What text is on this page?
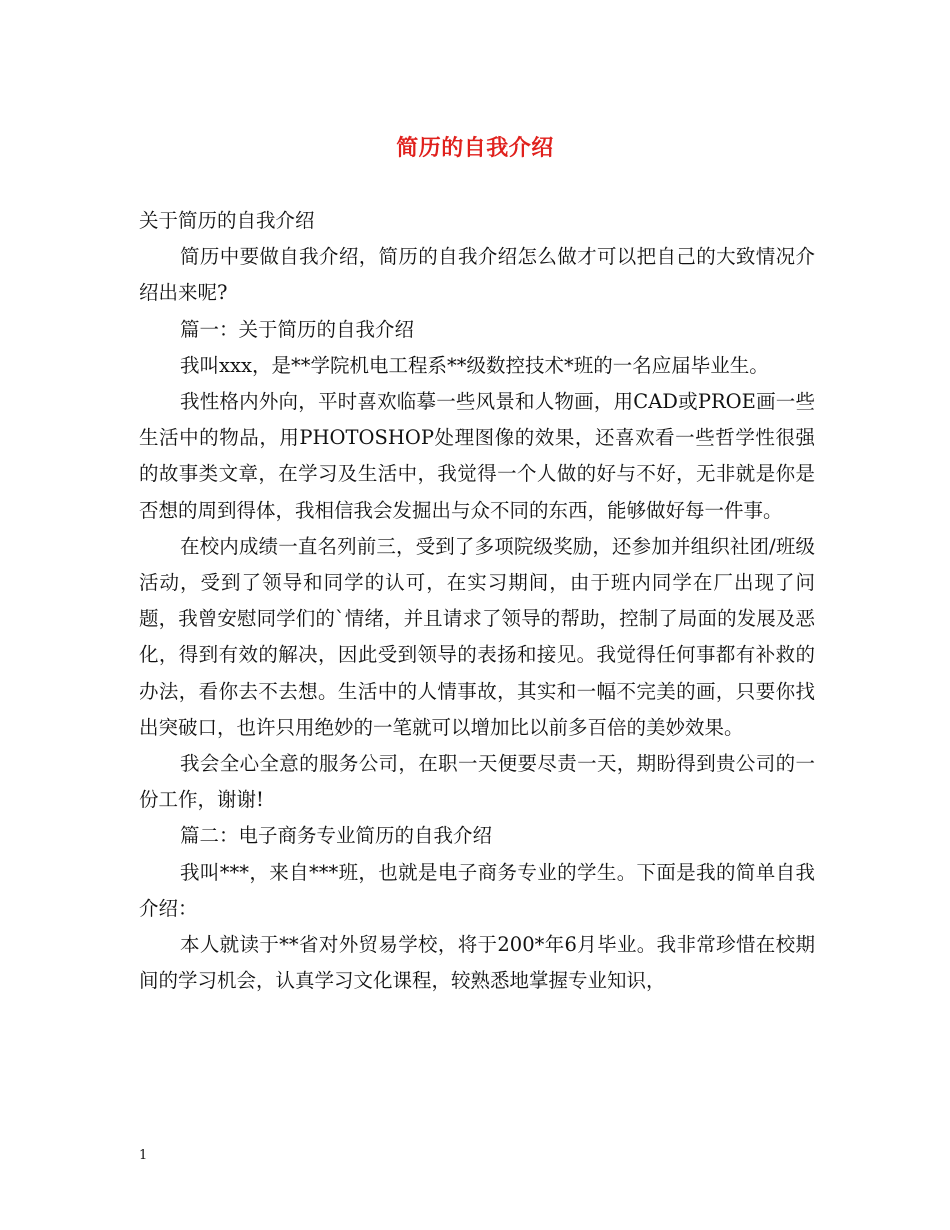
简历的自我介绍

关于简历的自我介绍

简历中要做自我介绍，简历的自我介绍怎么做才可以把自己的大致情况介绍出来呢?

篇一：关于简历的自我介绍

我叫xxx，是**学院机电工程系**级数控技术*班的一名应届毕业生。

我性格内外向，平时喜欢临摹一些风景和人物画，用CAD或PROE画一些生活中的物品，用PHOTOSHOP处理图像的效果，还喜欢看一些哲学性很强的故事类文章，在学习及生活中，我觉得一个人做的好与不好，无非就是你是否想的周到得体，我相信我会发掘出与众不同的东西，能够做好每一件事。

在校内成绩一直名列前三，受到了多项院级奖励，还参加并组织社团/班级活动，受到了领导和同学的认可，在实习期间，由于班内同学在厂出现了问题，我曾安慰同学们的`情绪，并且请求了领导的帮助，控制了局面的发展及恶化，得到有效的解决，因此受到领导的表扬和接见。我觉得任何事都有补救的办法，看你去不去想。生活中的人情事故，其实和一幅不完美的画，只要你找出突破口，也许只用绝妙的一笔就可以增加比以前多百倍的美妙效果。

我会全心全意的服务公司，在职一天便要尽责一天，期盼得到贵公司的一份工作，谢谢!

篇二：电子商务专业简历的自我介绍

我叫***，来自***班，也就是电子商务专业的学生。下面是我的简单自我介绍：

本人就读于**省对外贸易学校，将于200*年6月毕业。我非常珍惜在校期间的学习机会，认真学习文化课程，较熟悉地掌握专业知识，

1
